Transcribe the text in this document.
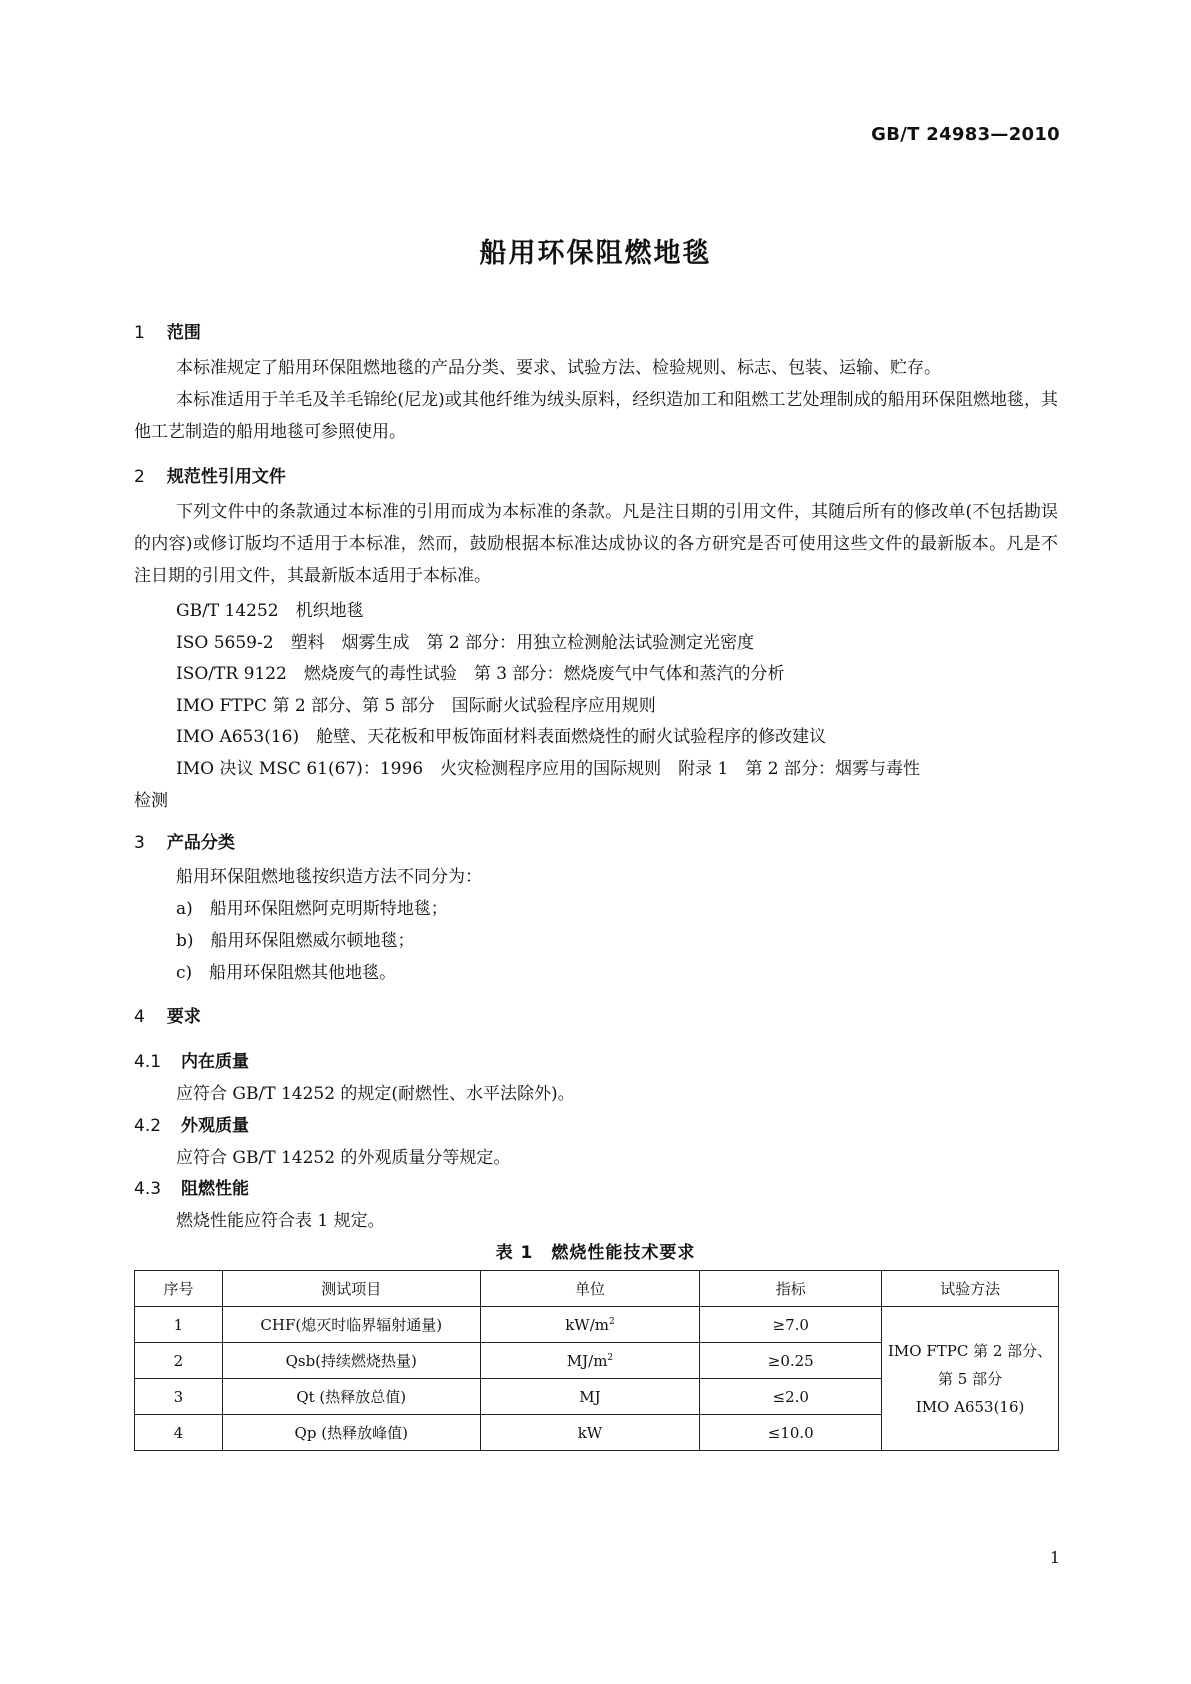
GB/T 24983—2010
船用环保阻燃地毯
1 范围
本标准规定了船用环保阻燃地毯的产品分类、要求、试验方法、检验规则、标志、包装、运输、贮存。
本标准适用于羊毛及羊毛锦纶(尼龙)或其他纤维为绒头原料，经织造加工和阻燃工艺处理制成的船用环保阻燃地毯，其他工艺制造的船用地毯可参照使用。
2 规范性引用文件
下列文件中的条款通过本标准的引用而成为本标准的条款。凡是注日期的引用文件，其随后所有的修改单(不包括勘误的内容)或修订版均不适用于本标准，然而，鼓励根据本标准达成协议的各方研究是否可使用这些文件的最新版本。凡是不注日期的引用文件，其最新版本适用于本标准。
GB/T 14252　机织地毯
ISO 5659-2　塑料　烟雾生成　第 2 部分：用独立检测舱法试验测定光密度
ISO/TR 9122　燃烧废气的毒性试验　第 3 部分：燃烧废气中气体和蒸汽的分析
IMO FTPC 第 2 部分、第 5 部分　国际耐火试验程序应用规则
IMO A653(16)　舱壁、天花板和甲板饰面材料表面燃烧性的耐火试验程序的修改建议
IMO 决议 MSC 61(67)：1996　火灾检测程序应用的国际规则　附录 1　第 2 部分：烟雾与毒性
检测
3 产品分类
船用环保阻燃地毯按织造方法不同分为：
a)　船用环保阻燃阿克明斯特地毯；
b)　船用环保阻燃威尔顿地毯；
c)　船用环保阻燃其他地毯。
4 要求
4.1 内在质量
应符合 GB/T 14252 的规定(耐燃性、水平法除外)。
4.2 外观质量
应符合 GB/T 14252 的外观质量分等规定。
4.3 阻燃性能
燃烧性能应符合表 1 规定。
表 1　燃烧性能技术要求
序号	测试项目	单位	指标	试验方法
1	CHF(熄灭时临界辐射通量)	$kW/m^2$	≥7.0	IMO FTPC 第 2 部分、
第 5 部分
IMO A653(16)

2	Qsb(持续燃烧热量)	$MJ/m^2$	≥0.25	
3	Qt (热释放总值)	MJ	≤2.0	
4	Qp (热释放峰值)	kW	≤10.0	
1
